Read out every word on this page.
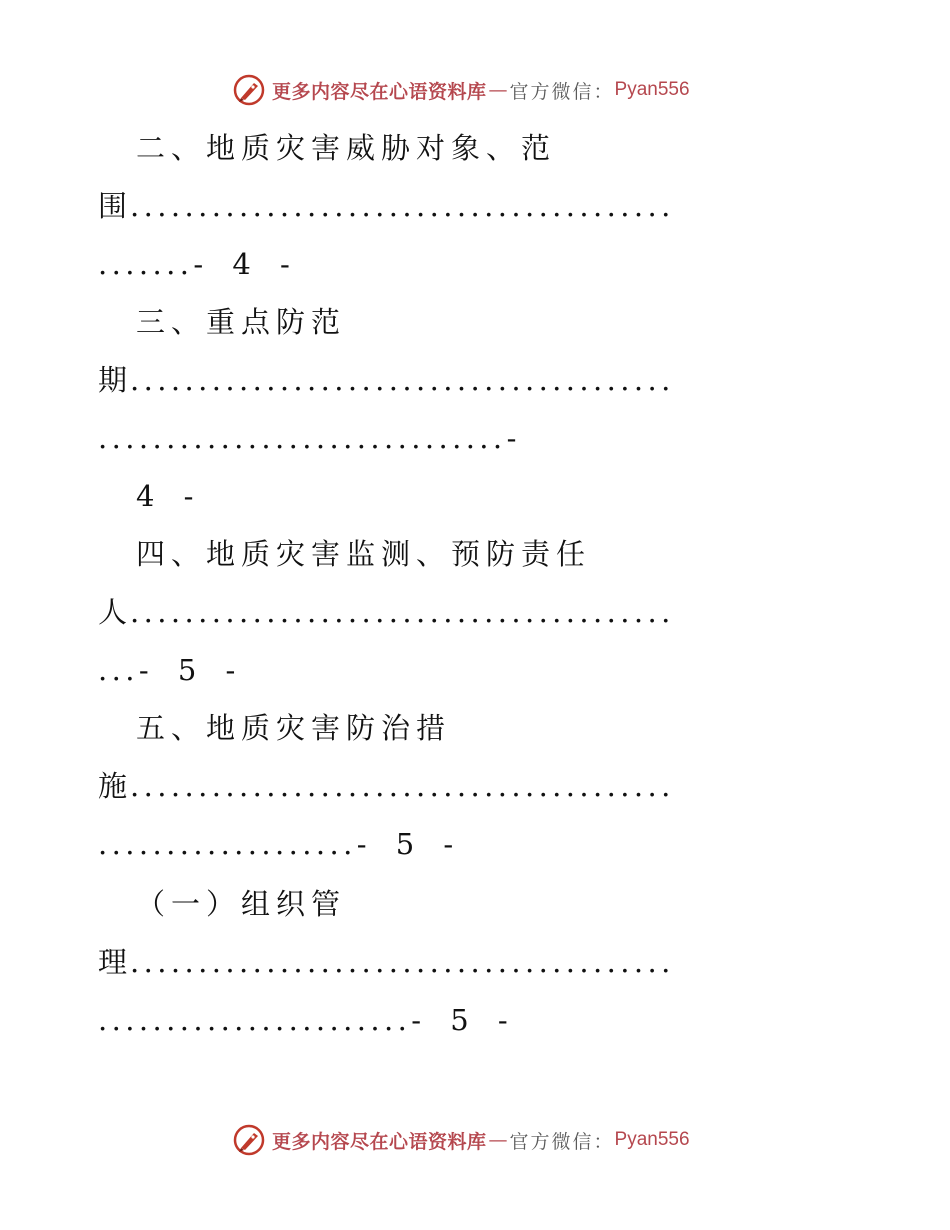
更多内容尽在心语资料库 — 官方微信： Pyan556
二、地质灾害威胁对象、范
围........................................
.......- 4 -
三、重点防范
期........................................
..............................-
4 -
四、地质灾害监测、预防责任
人........................................
...- 5 -
五、地质灾害防治措
施........................................
...................- 5 -
（一）组织管
理........................................
.......................- 5 -
更多内容尽在心语资料库 — 官方微信： Pyan556
